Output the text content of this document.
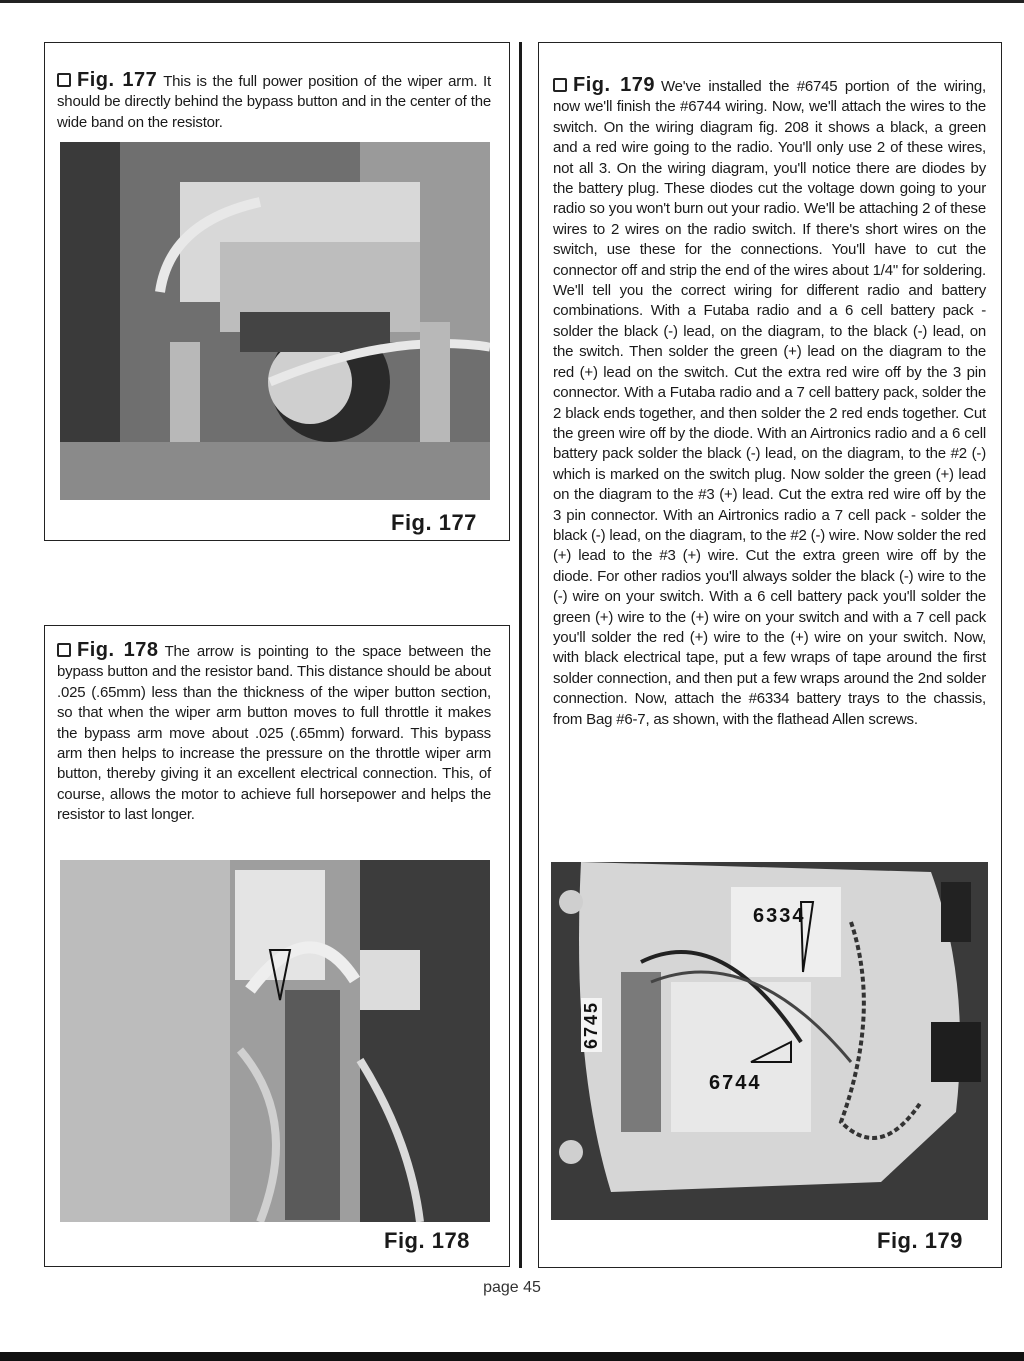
Fig. 177 This is the full power position of the wiper arm. It should be directly behind the bypass button and in the center of the wide band on the resistor.
Fig. 177
Fig. 178 The arrow is pointing to the space between the bypass button and the resistor band. This distance should be about .025 (.65mm) less than the thickness of the wiper button section, so that when the wiper arm button moves to full throttle it makes the bypass arm move about .025 (.65mm) forward. This bypass arm then helps to increase the pressure on the throttle wiper arm button, thereby giving it an excellent electrical connection. This, of course, allows the motor to achieve full horsepower and helps the resistor to last longer.
Fig. 178
Fig. 179 We've installed the #6745 portion of the wiring, now we'll finish the #6744 wiring. Now, we'll attach the wires to the switch. On the wiring diagram fig. 208 it shows a black, a green and a red wire going to the radio. You'll only use 2 of these wires, not all 3. On the wiring diagram, you'll notice there are diodes by the battery plug. These diodes cut the voltage down going to your radio so you won't burn out your radio. We'll be attaching 2 of these wires to 2 wires on the radio switch. If there's short wires on the switch, use these for the connections. You'll have to cut the connector off and strip the end of the wires about 1/4" for soldering. We'll tell you the correct wiring for different radio and battery combinations. With a Futaba radio and a 6 cell battery pack - solder the black (-) lead, on the diagram, to the black (-) lead, on the switch. Then solder the green (+) lead on the diagram to the red (+) lead on the switch. Cut the extra red wire off by the 3 pin connector. With a Futaba radio and a 7 cell battery pack, solder the 2 black ends together, and then solder the 2 red ends together. Cut the green wire off by the diode. With an Airtronics radio and a 6 cell battery pack solder the black (-) lead, on the diagram, to the #2 (-) which is marked on the switch plug. Now solder the green (+) lead on the diagram to the #3 (+) lead. Cut the extra red wire off by the 3 pin connector. With an Airtronics radio a 7 cell pack - solder the black (-) lead, on the diagram, to the #2 (-) wire. Now solder the red (+) lead to the #3 (+) wire. Cut the extra green wire off by the diode. For other radios you'll always solder the black (-) wire to the (-) wire on your switch. With a 6 cell battery pack you'll solder the green (+) wire to the (+) wire on your switch and with a 7 cell pack you'll solder the red (+) wire to the (+) wire on your switch. Now, with black electrical tape, put a few wraps of tape around the first solder connection, and then put a few wraps around the 2nd solder connection. Now, attach the #6334 battery trays to the chassis, from Bag #6-7, as shown, with the flathead Allen screws.
6334
6744
6745
Fig. 179
page 45
